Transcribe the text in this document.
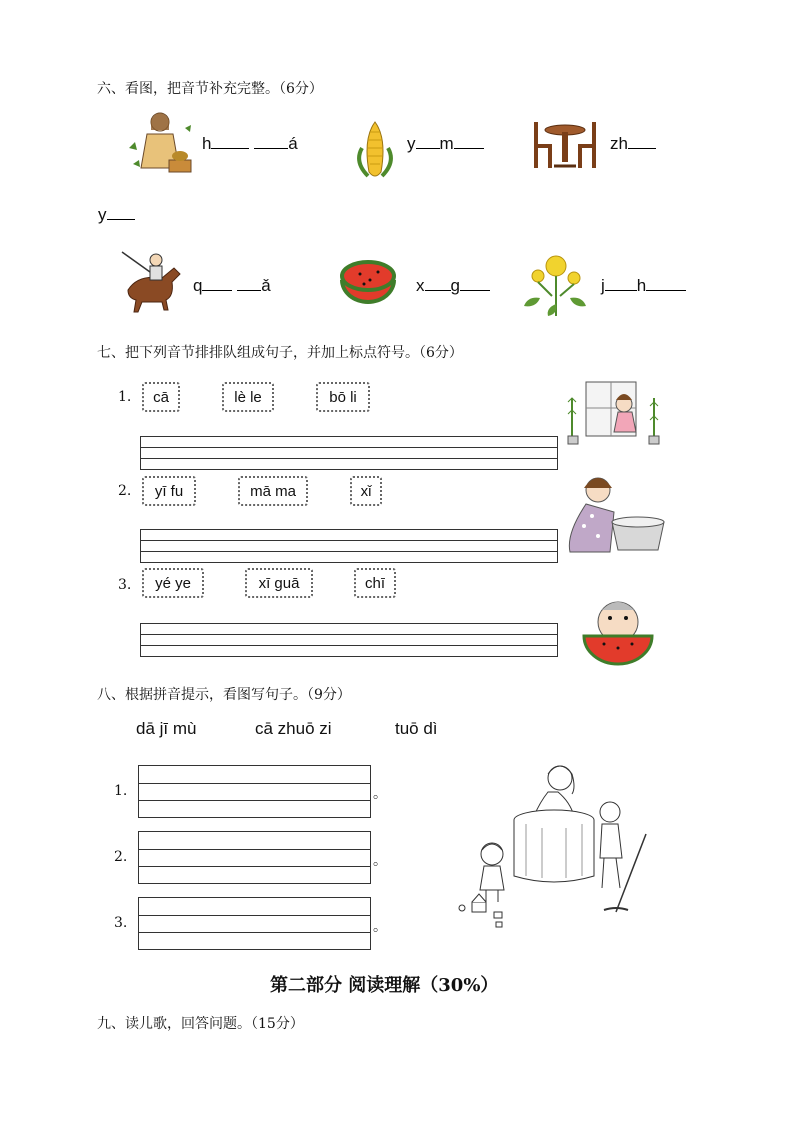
六、看图，把音节补充完整。（6分）
h	á	y m	zh
y
q	ǎ	x g	j h
七、把下列音节排排队组成句子，并加上标点符号。（6分）
1.	cā	lè le	bō li
2.	yī fu	mā ma	xǐ
3.	yé ye	xī guā	chī
八、根据拼音提示，看图写句子。（9分）
dā jī mù	cā zhuō zi	tuō dì
1.	。
2.	。
3.	。
第二部分 阅读理解（30%）
九、读儿歌，回答问题。（15分）
